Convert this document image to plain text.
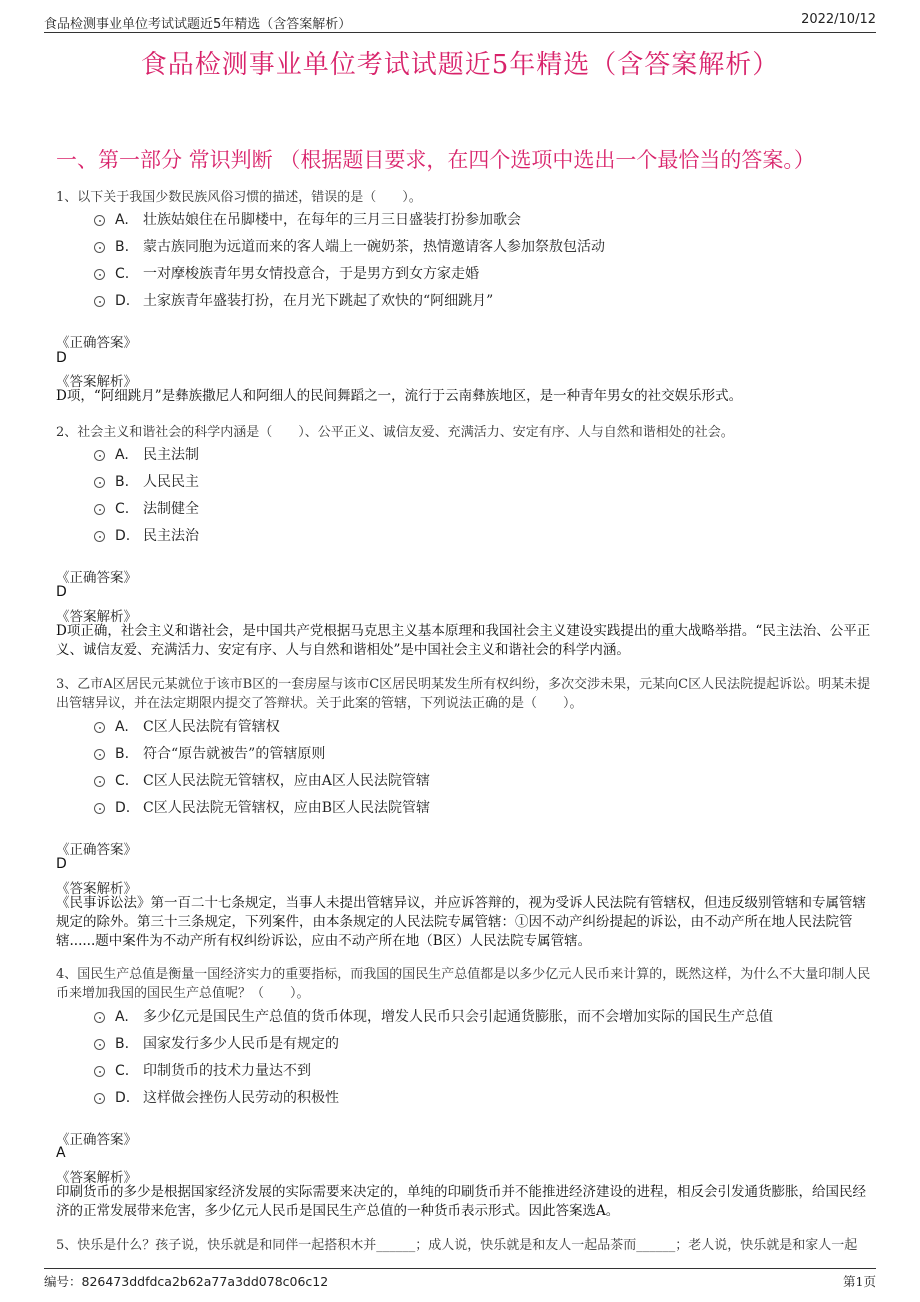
食品检测事业单位考试试题近5年精选（含答案解析）	2022/10/12
食品检测事业单位考试试题近5年精选（含答案解析）
一、第一部分 常识判断 （根据题目要求，在四个选项中选出一个最恰当的答案。）
1、以下关于我国少数民族风俗习惯的描述，错误的是（　　）。
A. 壮族姑娘住在吊脚楼中，在每年的三月三日盛装打扮参加歌会
B. 蒙古族同胞为远道而来的客人端上一碗奶茶，热情邀请客人参加祭敖包活动
C. 一对摩梭族青年男女情投意合，于是男方到女方家走婚
D. 土家族青年盛装打扮，在月光下跳起了欢快的“阿细跳月”
《正确答案》
D
《答案解析》
D项，“阿细跳月”是彝族撒尼人和阿细人的民间舞蹈之一，流行于云南彝族地区，是一种青年男女的社交娱乐形式。
2、社会主义和谐社会的科学内涵是（　　）、公平正义、诚信友爱、充满活力、安定有序、人与自然和谐相处的社会。
A. 民主法制
B. 人民民主
C. 法制健全
D. 民主法治
《正确答案》
D
《答案解析》
D项正确，社会主义和谐社会，是中国共产党根据马克思主义基本原理和我国社会主义建设实践提出的重大战略举措。“民主法治、公平正义、诚信友爱、充满活力、安定有序、人与自然和谐相处”是中国社会主义和谐社会的科学内涵。
3、乙市A区居民元某就位于该市B区的一套房屋与该市C区居民明某发生所有权纠纷，多次交涉未果，元某向C区人民法院提起诉讼。明某未提出管辖异议，并在法定期限内提交了答辩状。关于此案的管辖，下列说法正确的是（　　）。
A. C区人民法院有管辖权
B. 符合“原告就被告”的管辖原则
C. C区人民法院无管辖权，应由A区人民法院管辖
D. C区人民法院无管辖权，应由B区人民法院管辖
《正确答案》
D
《答案解析》
《民事诉讼法》第一百二十七条规定，当事人未提出管辖异议，并应诉答辩的，视为受诉人民法院有管辖权，但违反级别管辖和专属管辖规定的除外。第三十三条规定，下列案件，由本条规定的人民法院专属管辖：①因不动产纠纷提起的诉讼，由不动产所在地人民法院管辖......题中案件为不动产所有权纠纷诉讼，应由不动产所在地（B区）人民法院专属管辖。
4、国民生产总值是衡量一国经济实力的重要指标，而我国的国民生产总值都是以多少亿元人民币来计算的，既然这样，为什么不大量印制人民币来增加我国的国民生产总值呢？（　　）。
A. 多少亿元是国民生产总值的货币体现，增发人民币只会引起通货膨胀，而不会增加实际的国民生产总值
B. 国家发行多少人民币是有规定的
C. 印制货币的技术力量达不到
D. 这样做会挫伤人民劳动的积极性
《正确答案》
A
《答案解析》
印刷货币的多少是根据国家经济发展的实际需要来决定的，单纯的印刷货币并不能推进经济建设的进程，相反会引发通货膨胀，给国民经济的正常发展带来危害，多少亿元人民币是国民生产总值的一种货币表示形式。因此答案选A。
5、快乐是什么？孩子说，快乐就是和同伴一起搭积木并______；成人说，快乐就是和友人一起品茶而______；老人说，快乐就是和家人一起
编号：826473ddfdca2b62a77a3dd078c06c12	第1页
